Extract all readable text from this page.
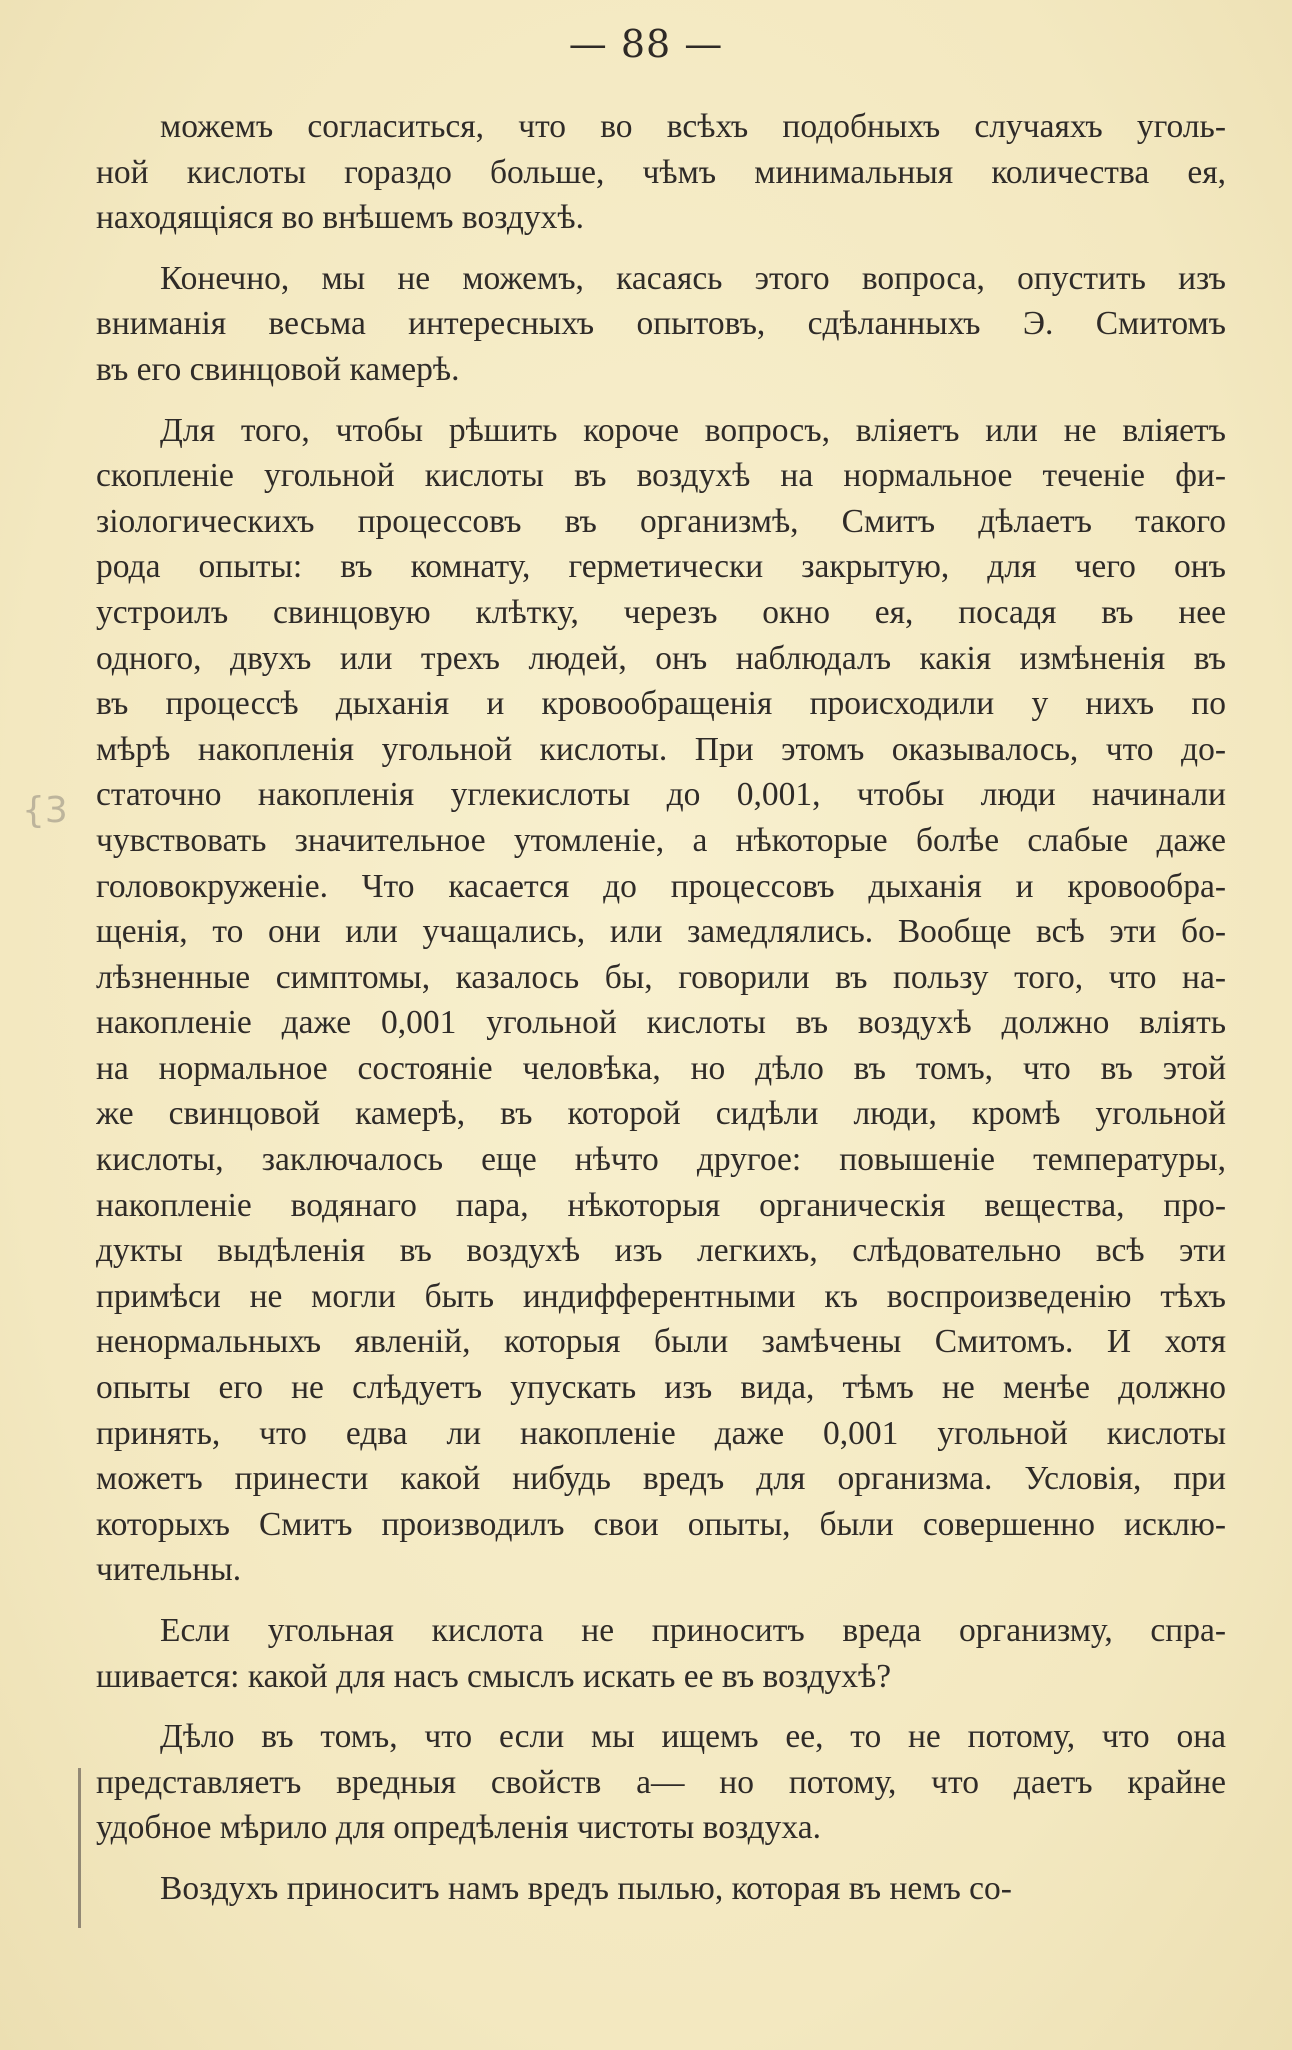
— 88 —
{3
можемъ согласиться, что во всѣхъ подобныхъ случаяхъ уголь-
ной кислоты гораздо больше, чѣмъ минимальныя количества ея,
находящіяся во внѣшемъ воздухѣ.
Конечно, мы не можемъ, касаясь этого вопроса, опустить изъ
вниманія весьма интересныхъ опытовъ, сдѣланныхъ Э. Смитомъ
въ его свинцовой камерѣ.
Для того, чтобы рѣшить короче вопросъ, вліяетъ или не вліяетъ
скопленіе угольной кислоты въ воздухѣ на нормальное теченіе фи-
зіологическихъ процессовъ въ организмѣ, Смитъ дѣлаетъ такого
рода опыты: въ комнату, герметически закрытую, для чего онъ
устроилъ свинцовую клѣтку, черезъ окно ея, посадя въ нее
одного, двухъ или трехъ людей, онъ наблюдалъ какія измѣненія въ
въ процессѣ дыханія и кровообращенія происходили у нихъ по
мѣрѣ накопленія угольной кислоты. При этомъ оказывалось, что до-
статочно накопленія углекислоты до 0,001, чтобы люди начинали
чувствовать значительное утомленіе, а нѣкоторые болѣе слабые даже
головокруженіе. Что касается до процессовъ дыханія и кровообра-
щенія, то они или учащались, или замедлялись. Вообще всѣ эти бо-
лѣзненные симптомы, казалось бы, говорили въ пользу того, что на-
накопленіе даже 0,001 угольной кислоты въ воздухѣ должно вліять
на нормальное состояніе человѣка, но дѣло въ томъ, что въ этой
же свинцовой камерѣ, въ которой сидѣли люди, кромѣ угольной
кислоты, заключалось еще нѣчто другое: повышеніе температуры,
накопленіе водянаго пара, нѣкоторыя органическія вещества, про-
дукты выдѣленія въ воздухѣ изъ легкихъ, слѣдовательно всѣ эти
примѣси не могли быть индифферентными къ воспроизведенію тѣхъ
ненормальныхъ явленій, которыя были замѣчены Смитомъ. И хотя
опыты его не слѣдуетъ упускать изъ вида, тѣмъ не менѣе должно
принять, что едва ли накопленіе даже 0,001 угольной кислоты
можетъ принести какой нибудь вредъ для организма. Условія, при
которыхъ Смитъ производилъ свои опыты, были совершенно исклю-
чительны.
Если угольная кислота не приноситъ вреда организму, спра-
шивается: какой для насъ смыслъ искать ее въ воздухѣ?
Дѣло въ томъ, что если мы ищемъ ее, то не потому, что она
представляетъ вредныя свойств а— но потому, что даетъ крайне
удобное мѣрило для опредѣленія чистоты воздуха.
Воздухъ приноситъ намъ вредъ пылью, которая въ немъ со-
